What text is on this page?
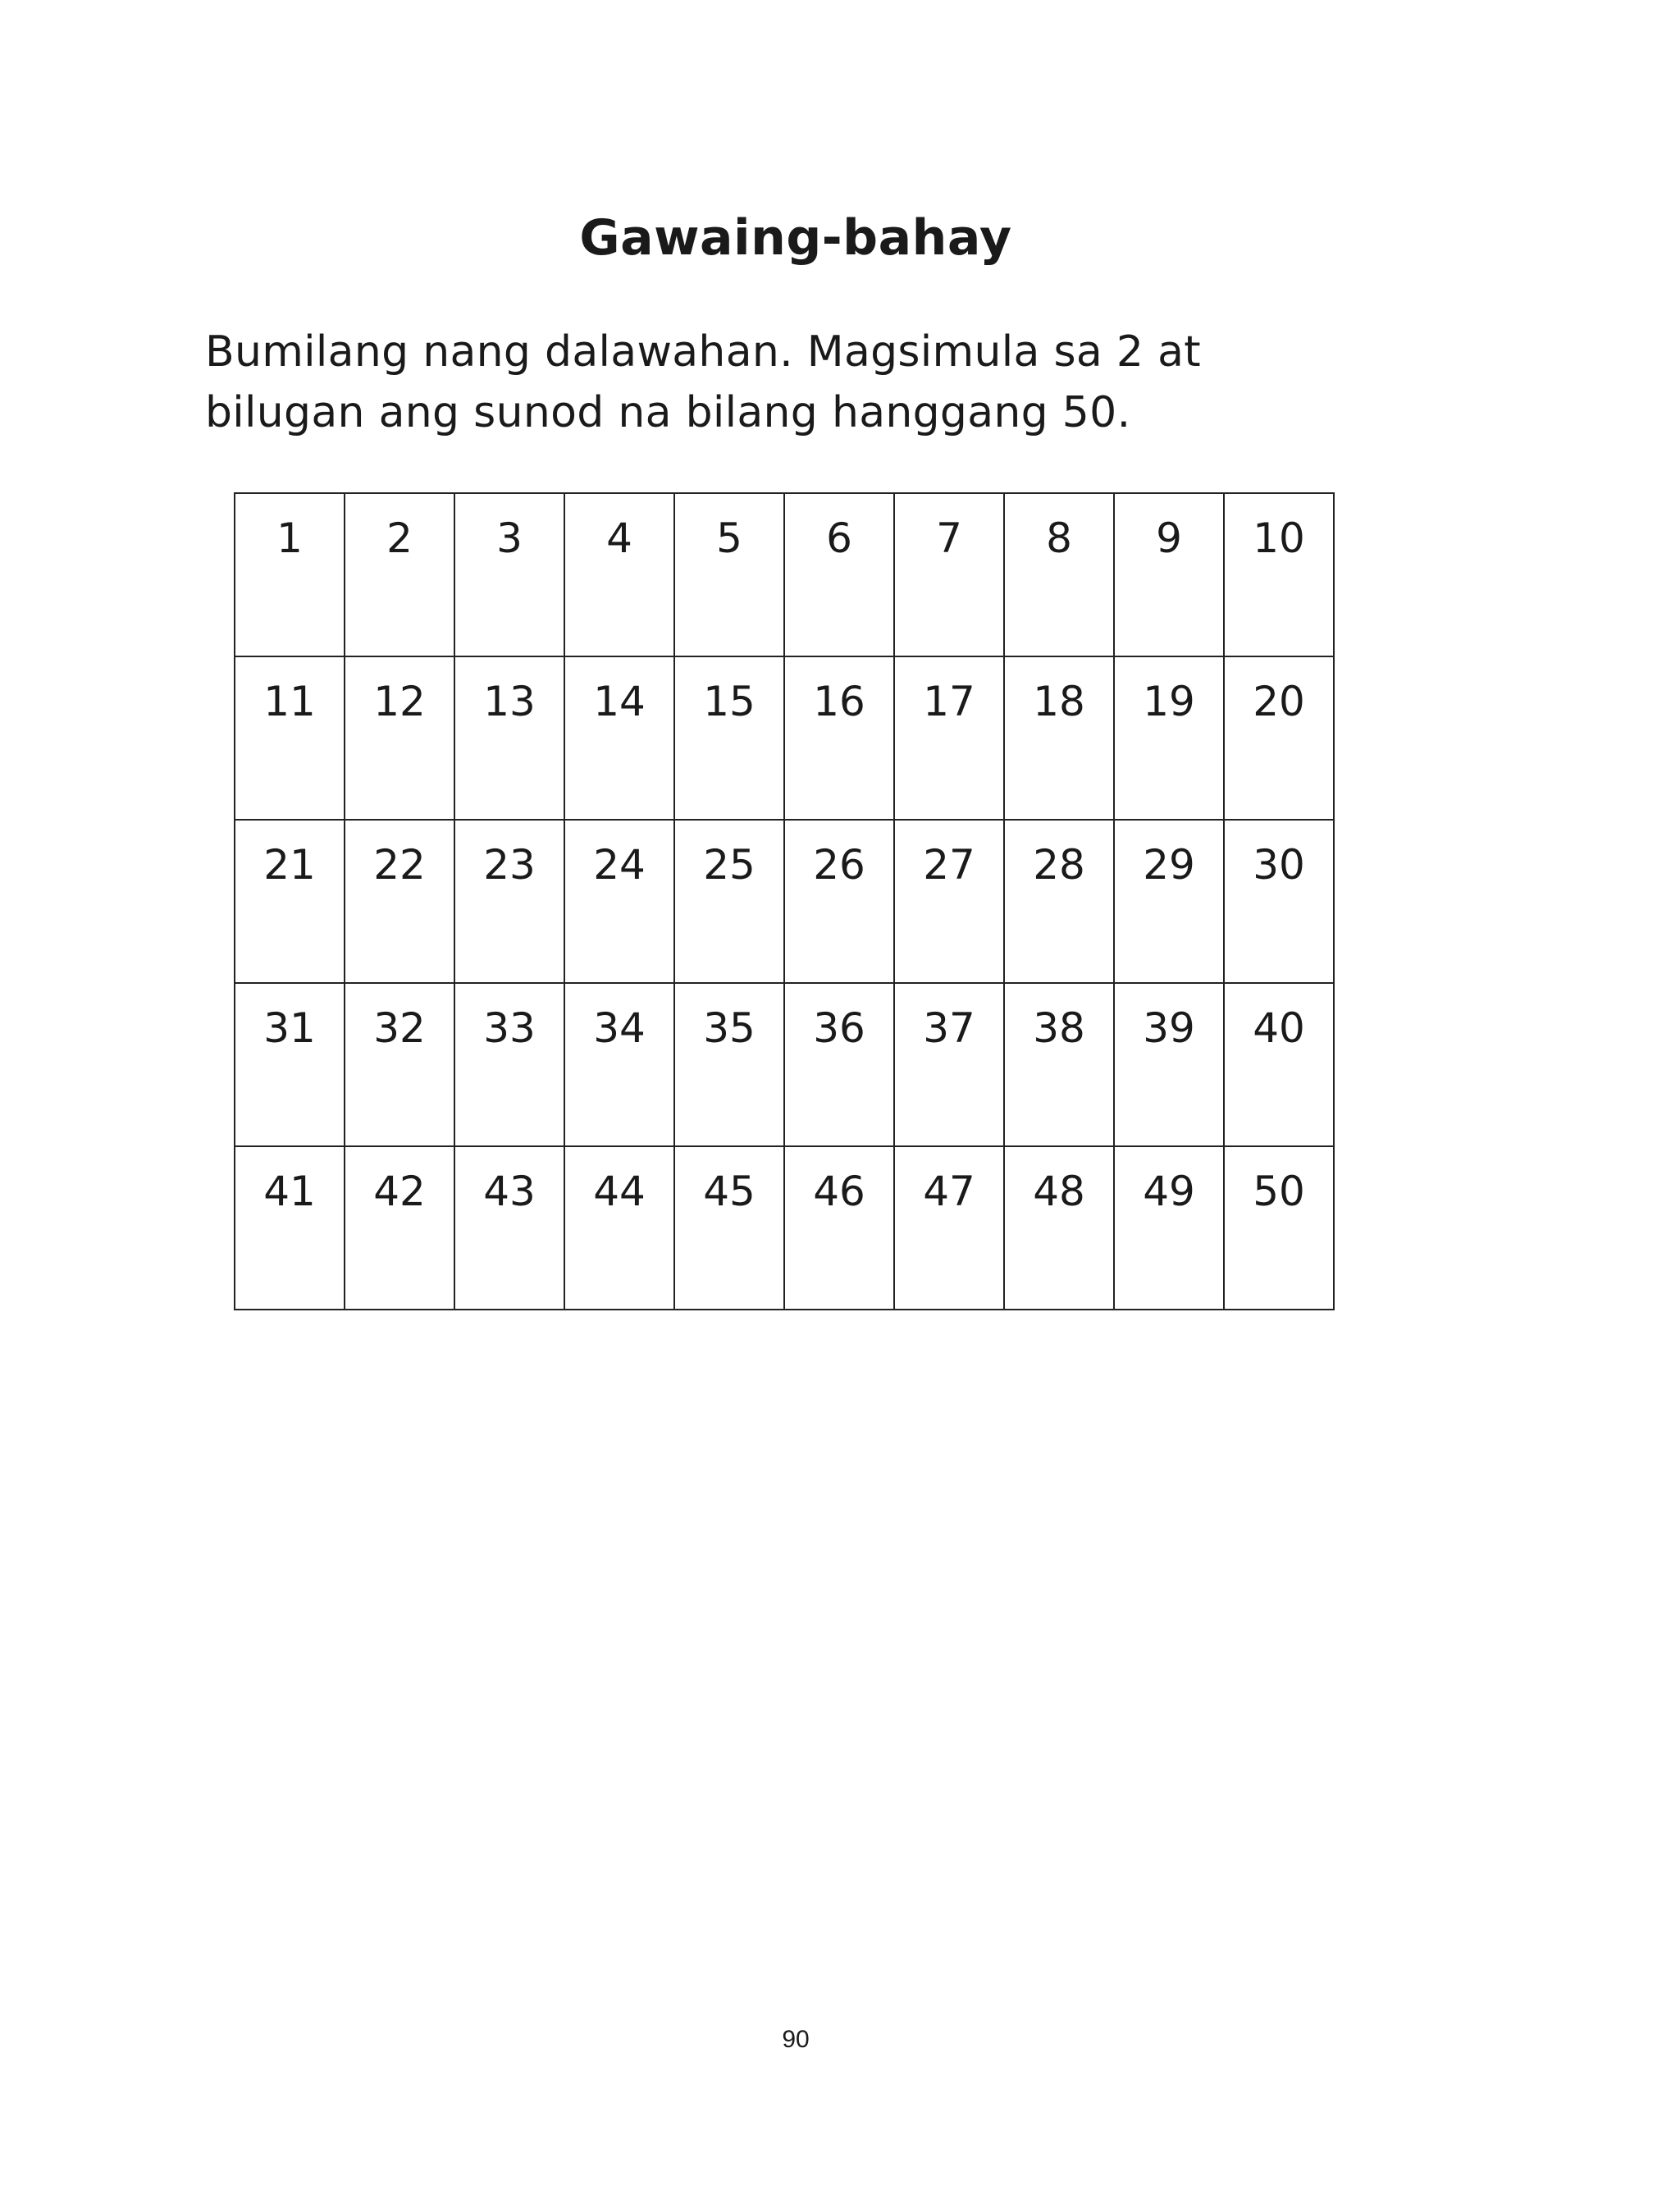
Gawaing-bahay
Bumilang nang dalawahan. Magsimula sa 2 at
bilugan ang sunod na bilang hanggang 50.
1	2	3	4	5	6	7	8	9	10
11	12	13	14	15	16	17	18	19	20
21	22	23	24	25	26	27	28	29	30
31	32	33	34	35	36	37	38	39	40
41	42	43	44	45	46	47	48	49	50
90
